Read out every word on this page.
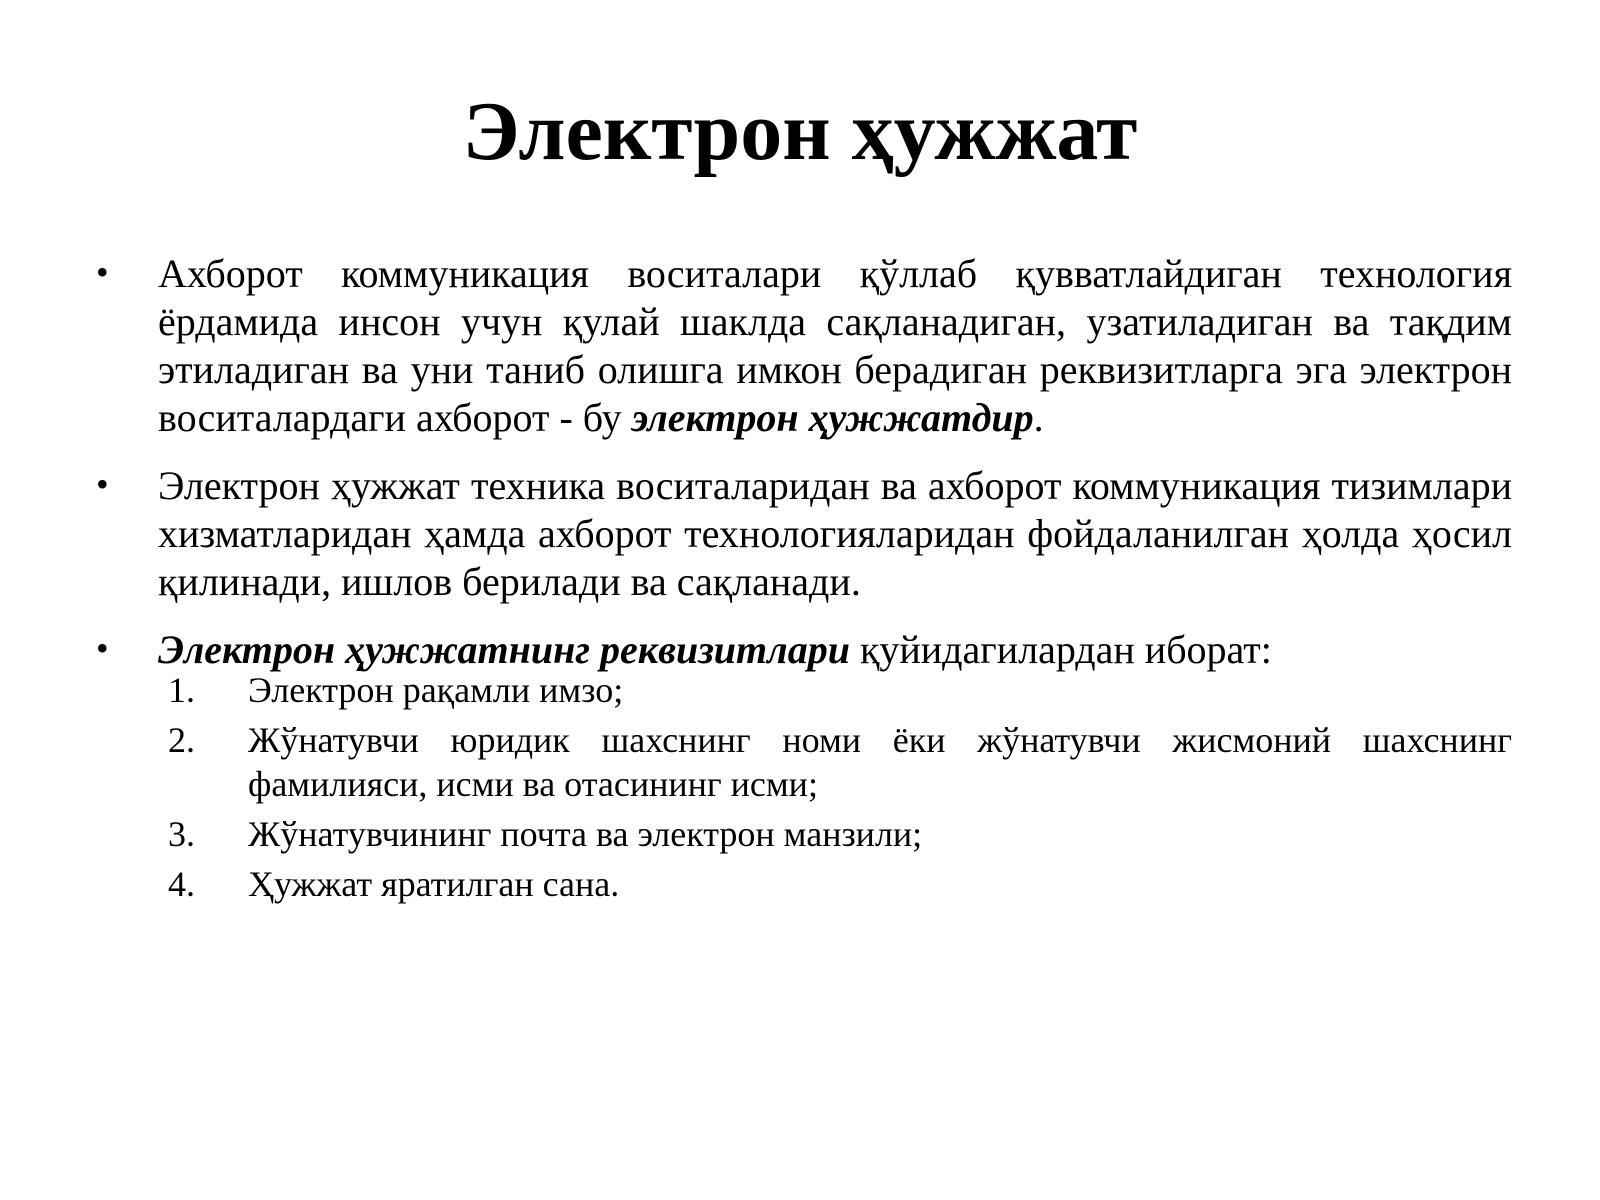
Электрон ҳужжат
• Ахборот коммуникация воситалари қўллаб қувватлайдиган технология ёрдамида инсон учун қулай шаклда сақланадиган, узатиладиган ва тақдим этиладиган ва уни таниб олишга имкон берадиган реквизитларга эга электрон воситалардаги ахборот - бу электрон ҳужжатдир.
• Электрон ҳужжат техника воситаларидан ва ахборот коммуникация тизимлари хизматларидан ҳамда ахборот технологияларидан фойдаланилган ҳолда ҳосил қилинади, ишлов берилади ва сақланади.
• Электрон ҳужжатнинг реквизитлари қуйидагилардан иборат:
1.	Электрон рақамли имзо;
2.	Жўнатувчи юридик шахснинг номи ёки жўнатувчи жисмоний шахснинг фамилияси, исми ва отасининг исми;
3.	Жўнатувчининг почта ва электрон манзили;
4.	Ҳужжат яратилган сана.
